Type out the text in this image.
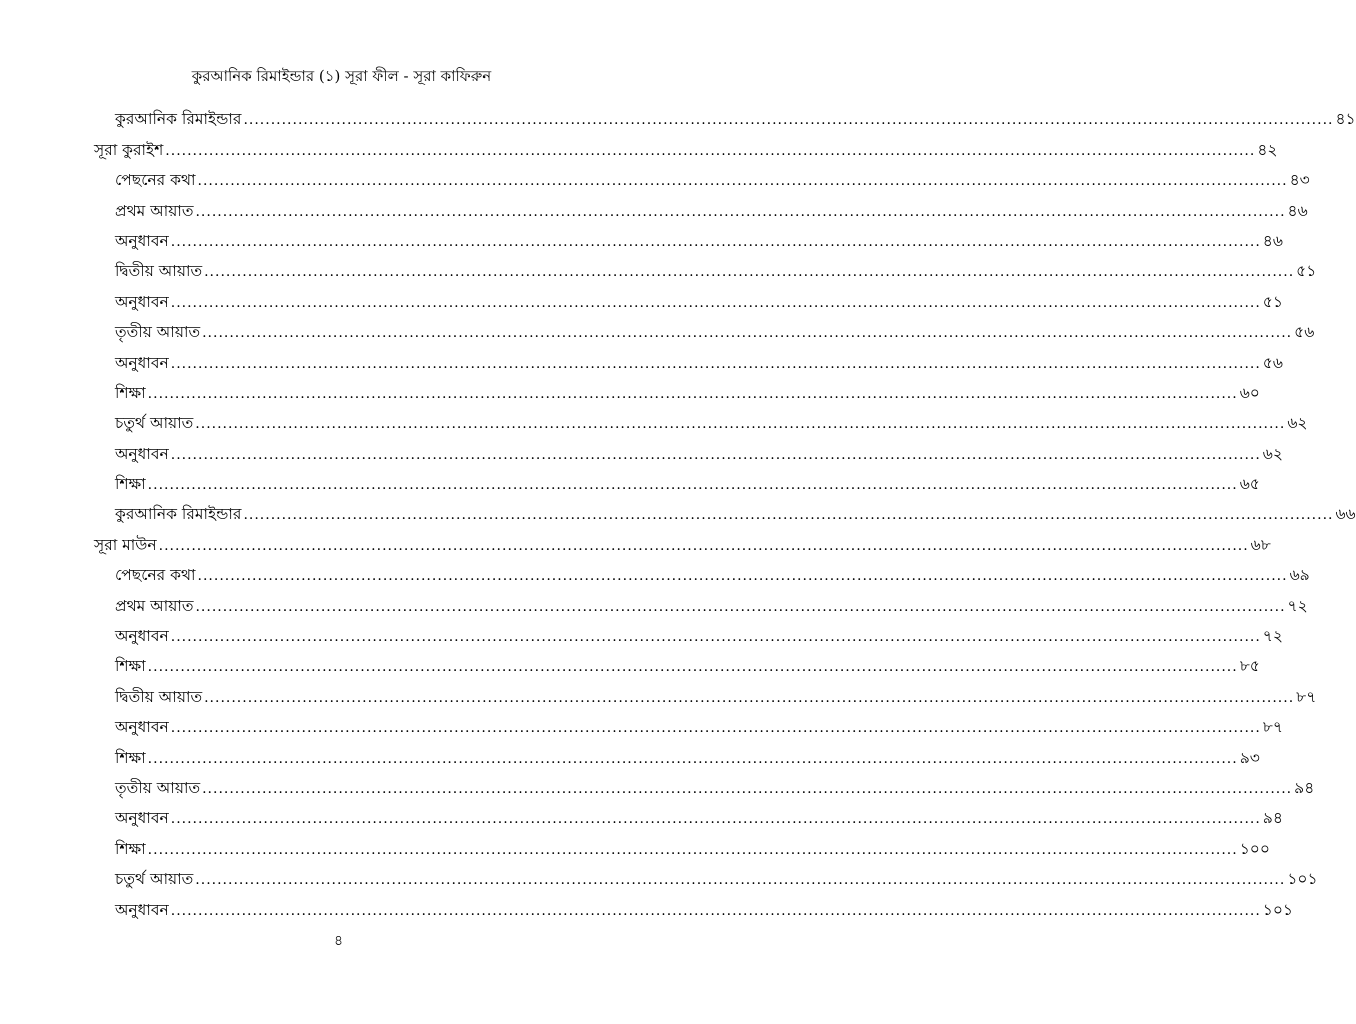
কুরআনিক রিমাইন্ডার (১) সূরা ফীল - সূরা কাফিরুন
কুরআনিক রিমাইন্ডার ........................................................................................................................................................................................................ ৪১
সূরা কুরাইশ ........................................................................................................................................................................................................ ৪২
পেছনের কথা ........................................................................................................................................................................................................ ৪৩
প্রথম আয়াত ........................................................................................................................................................................................................ ৪৬
অনুধাবন ........................................................................................................................................................................................................ ৪৬
দ্বিতীয় আয়াত ........................................................................................................................................................................................................ ৫১
অনুধাবন ........................................................................................................................................................................................................ ৫১
তৃতীয় আয়াত ........................................................................................................................................................................................................ ৫৬
অনুধাবন ........................................................................................................................................................................................................ ৫৬
শিক্ষা ........................................................................................................................................................................................................ ৬০
চতুর্থ আয়াত ........................................................................................................................................................................................................ ৬২
অনুধাবন ........................................................................................................................................................................................................ ৬২
শিক্ষা ........................................................................................................................................................................................................ ৬৫
কুরআনিক রিমাইন্ডার ........................................................................................................................................................................................................ ৬৬
সূরা মাউন ........................................................................................................................................................................................................ ৬৮
পেছনের কথা ........................................................................................................................................................................................................ ৬৯
প্রথম আয়াত ........................................................................................................................................................................................................ ৭২
অনুধাবন ........................................................................................................................................................................................................ ৭২
শিক্ষা ........................................................................................................................................................................................................ ৮৫
দ্বিতীয় আয়াত ........................................................................................................................................................................................................ ৮৭
অনুধাবন ........................................................................................................................................................................................................ ৮৭
শিক্ষা ........................................................................................................................................................................................................ ৯৩
তৃতীয় আয়াত ........................................................................................................................................................................................................ ৯৪
অনুধাবন ........................................................................................................................................................................................................ ৯৪
শিক্ষা ........................................................................................................................................................................................................ ১০০
চতুর্থ আয়াত ........................................................................................................................................................................................................ ১০১
অনুধাবন ........................................................................................................................................................................................................ ১০১
৪
